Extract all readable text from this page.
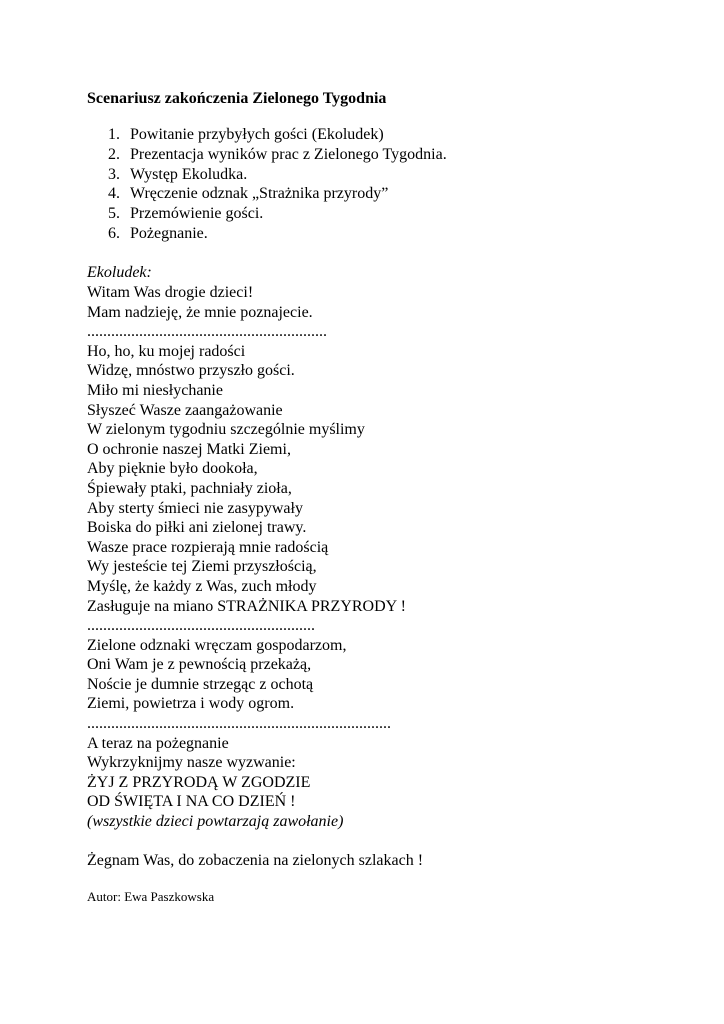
Scenariusz zakończenia Zielonego Tygodnia
1. Powitanie przybyłych gości (Ekoludek)
2. Prezentacja wyników prac z Zielonego Tygodnia.
3. Występ Ekoludka.
4. Wręczenie odznak „Strażnika przyrody”
5. Przemówienie gości.
6. Pożegnanie.
Ekoludek:
Witam Was drogie dzieci!
Mam nadzieję, że mnie poznajecie.
............................................................
Ho, ho, ku mojej radości
Widzę, mnóstwo przyszło gości.
Miło mi niesłychanie
Słyszeć Wasze zaangażowanie
W zielonym tygodniu szczególnie myślimy
O ochronie naszej Matki Ziemi,
Aby pięknie było dookoła,
Śpiewały ptaki, pachniały zioła,
Aby sterty śmieci nie zasypywały
Boiska do piłki ani zielonej trawy.
Wasze prace rozpierają mnie radością
Wy jesteście tej Ziemi przyszłością,
Myślę, że każdy z Was, zuch młody
Zasługuje na miano STRAŻNIKA PRZYRODY !
.........................................................
Zielone odznaki wręczam gospodarzom,
Oni Wam je z pewnością przekażą,
Noście je dumnie strzegąc z ochotą
Ziemi, powietrza i wody ogrom.
............................................................................
A teraz na pożegnanie
Wykrzyknijmy nasze wyzwanie:
ŻYJ Z PRZYRODĄ W ZGODZIE
OD ŚWIĘTA I NA CO DZIEŃ !
(wszystkie dzieci powtarzają zawołanie)
Żegnam Was, do zobaczenia na zielonych szlakach !
Autor: Ewa Paszkowska
